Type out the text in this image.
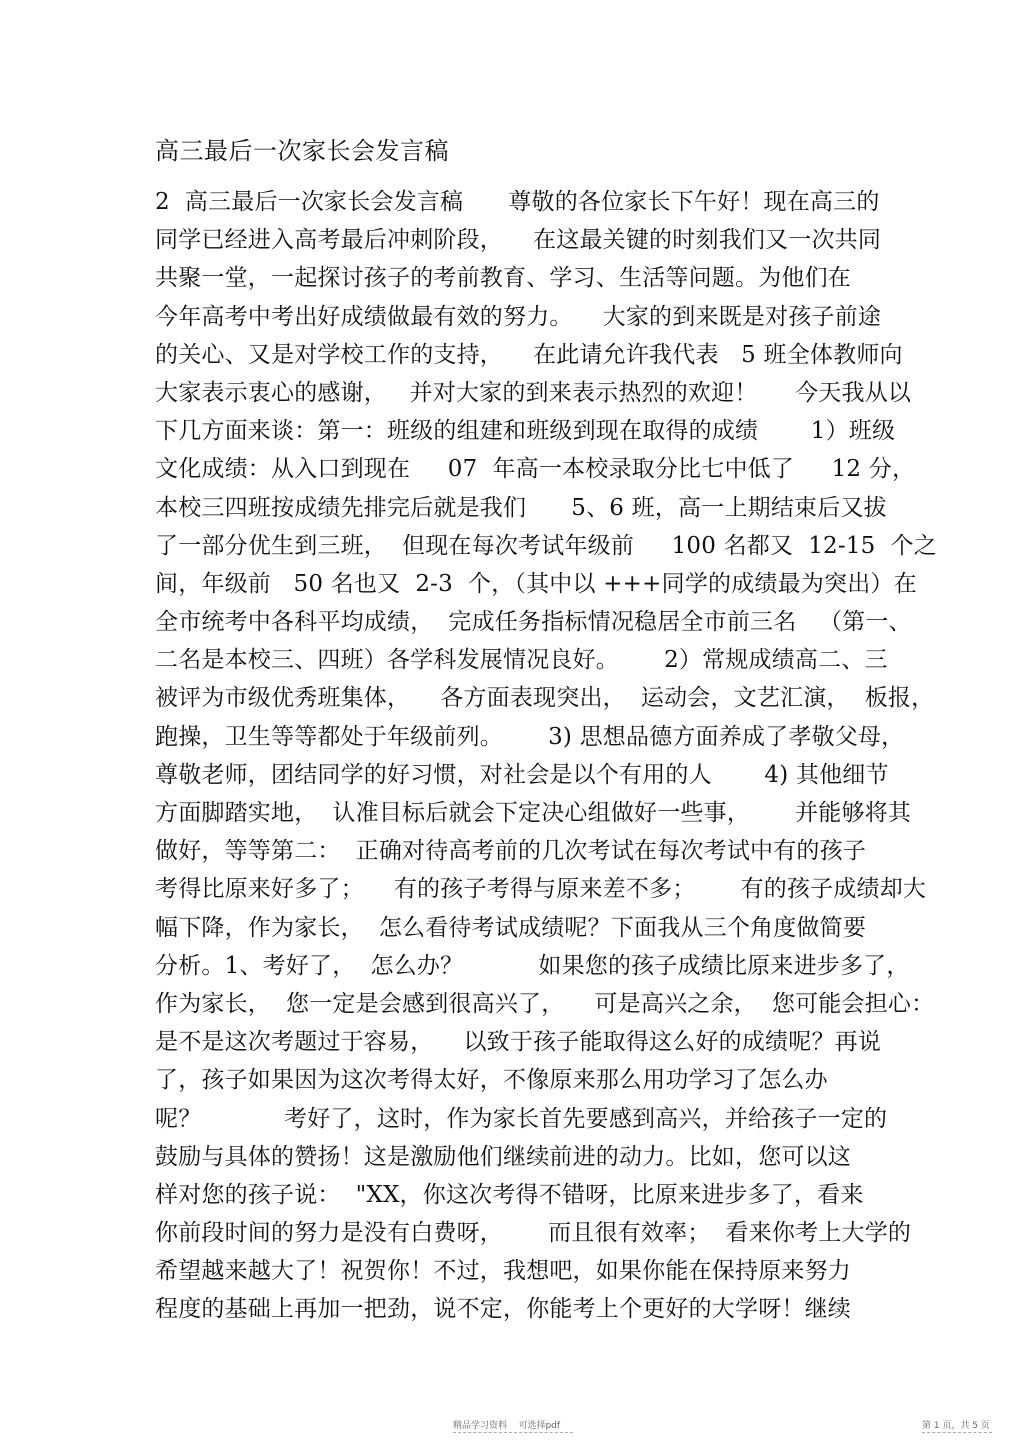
高三最后一次家长会发言稿
2  高三最后一次家长会发言稿      尊敬的各位家长下午好！现在高三的
同学已经进入高考最后冲刺阶段，    在这最关键的时刻我们又一次共同
共聚一堂，一起探讨孩子的考前教育、学习、生活等问题。为他们在
今年高考中考出好成绩做最有效的努力。    大家的到来既是对孩子前途
的关心、又是对学校工作的支持，    在此请允许我代表   5 班全体教师向
大家表示衷心的感谢，   并对大家的到来表示热烈的欢迎！     今天我从以
下几方面来谈：第一：班级的组建和班级到现在取得的成绩       1）班级
文化成绩：从入口到现在     07  年高一本校录取分比七中低了     12 分，
本校三四班按成绩先排完后就是我们      5、6 班，高一上期结束后又拔
了一部分优生到三班，  但现在每次考试年级前     100 名都又  12-15  个之
间，年级前   50 名也又  2-3  个，（其中以 +++同学的成绩最为突出）在
全市统考中各科平均成绩，  完成任务指标情况稳居全市前三名   （第一、
二名是本校三、四班）各学科发展情况良好。      2）常规成绩高二、三
被评为市级优秀班集体，    各方面表现突出，  运动会，文艺汇演，  板报，
跑操，卫生等等都处于年级前列。      3) 思想品德方面养成了孝敬父母，
尊敬老师，团结同学的好习惯，对社会是以个有用的人       4) 其他细节
方面脚踏实地，  认准目标后就会下定决心组做好一些事，      并能够将其
做好，等等第二：  正确对待高考前的几次考试在每次考试中有的孩子
考得比原来好多了；    有的孩子考得与原来差不多；      有的孩子成绩却大
幅下降，作为家长，  怎么看待考试成绩呢？下面我从三个角度做简要
分析。1、考好了，  怎么办？          如果您的孩子成绩比原来进步多了，
作为家长，  您一定是会感到很高兴了，    可是高兴之余，  您可能会担心：
是不是这次考题过于容易，    以致于孩子能取得这么好的成绩呢？再说
了，孩子如果因为这次考得太好，不像原来那么用功学习了怎么办
呢？           考好了，这时，作为家长首先要感到高兴，并给孩子一定的
鼓励与具体的赞扬！这是激励他们继续前进的动力。比如，您可以这
样对您的孩子说：  "XX，你这次考得不错呀，比原来进步多了，看来
你前段时间的努力是没有白费呀，      而且很有效率；  看来你考上大学的
希望越来越大了！祝贺你！不过，我想吧，如果你能在保持原来努力
程度的基础上再加一把劲，说不定，你能考上个更好的大学呀！继续
精品学习资料    可选择pdf	第 1 页，共 5 页
